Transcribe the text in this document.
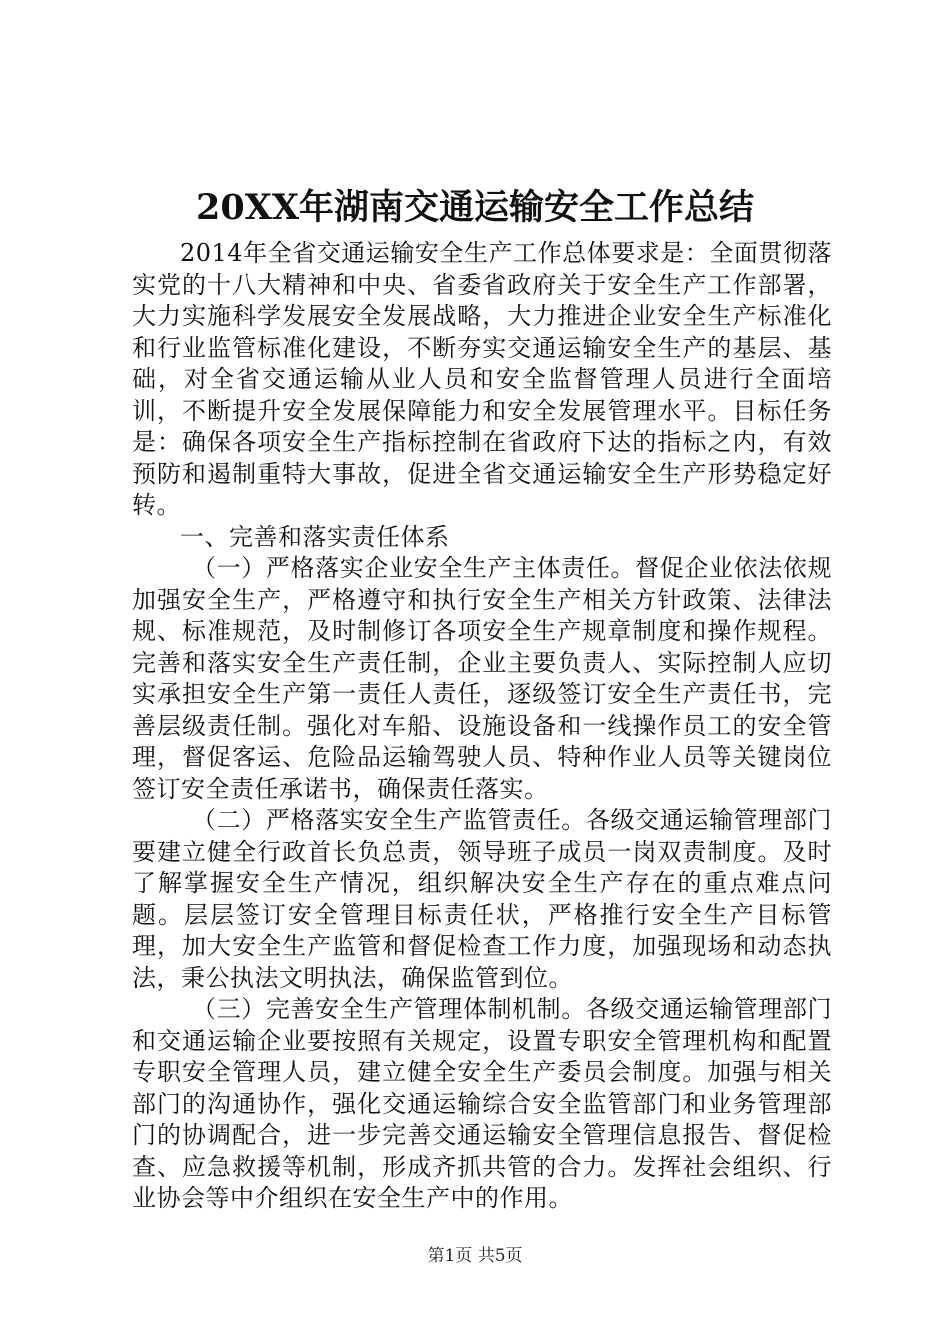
20XX年湖南交通运输安全工作总结

2014年全省交通运输安全生产工作总体要求是：全面贯彻落实党的十八大精神和中央、省委省政府关于安全生产工作部署，大力实施科学发展安全发展战略，大力推进企业安全生产标准化和行业监管标准化建设，不断夯实交通运输安全生产的基层、基础，对全省交通运输从业人员和安全监督管理人员进行全面培训，不断提升安全发展保障能力和安全发展管理水平。目标任务是：确保各项安全生产指标控制在省政府下达的指标之内，有效预防和遏制重特大事故，促进全省交通运输安全生产形势稳定好转。

一、完善和落实责任体系

（一）严格落实企业安全生产主体责任。督促企业依法依规加强安全生产，严格遵守和执行安全生产相关方针政策、法律法规、标准规范，及时制修订各项安全生产规章制度和操作规程。完善和落实安全生产责任制，企业主要负责人、实际控制人应切实承担安全生产第一责任人责任，逐级签订安全生产责任书，完善层级责任制。强化对车船、设施设备和一线操作员工的安全管理，督促客运、危险品运输驾驶人员、特种作业人员等关键岗位签订安全责任承诺书，确保责任落实。

（二）严格落实安全生产监管责任。各级交通运输管理部门要建立健全行政首长负总责，领导班子成员一岗双责制度。及时了解掌握安全生产情况，组织解决安全生产存在的重点难点问题。层层签订安全管理目标责任状，严格推行安全生产目标管理，加大安全生产监管和督促检查工作力度，加强现场和动态执法，秉公执法文明执法，确保监管到位。

（三）完善安全生产管理体制机制。各级交通运输管理部门和交通运输企业要按照有关规定，设置专职安全管理机构和配置专职安全管理人员，建立健全安全生产委员会制度。加强与相关部门的沟通协作，强化交通运输综合安全监管部门和业务管理部门的协调配合，进一步完善交通运输安全管理信息报告、督促检查、应急救援等机制，形成齐抓共管的合力。发挥社会组织、行业协会等中介组织在安全生产中的作用。

第1页 共5页
